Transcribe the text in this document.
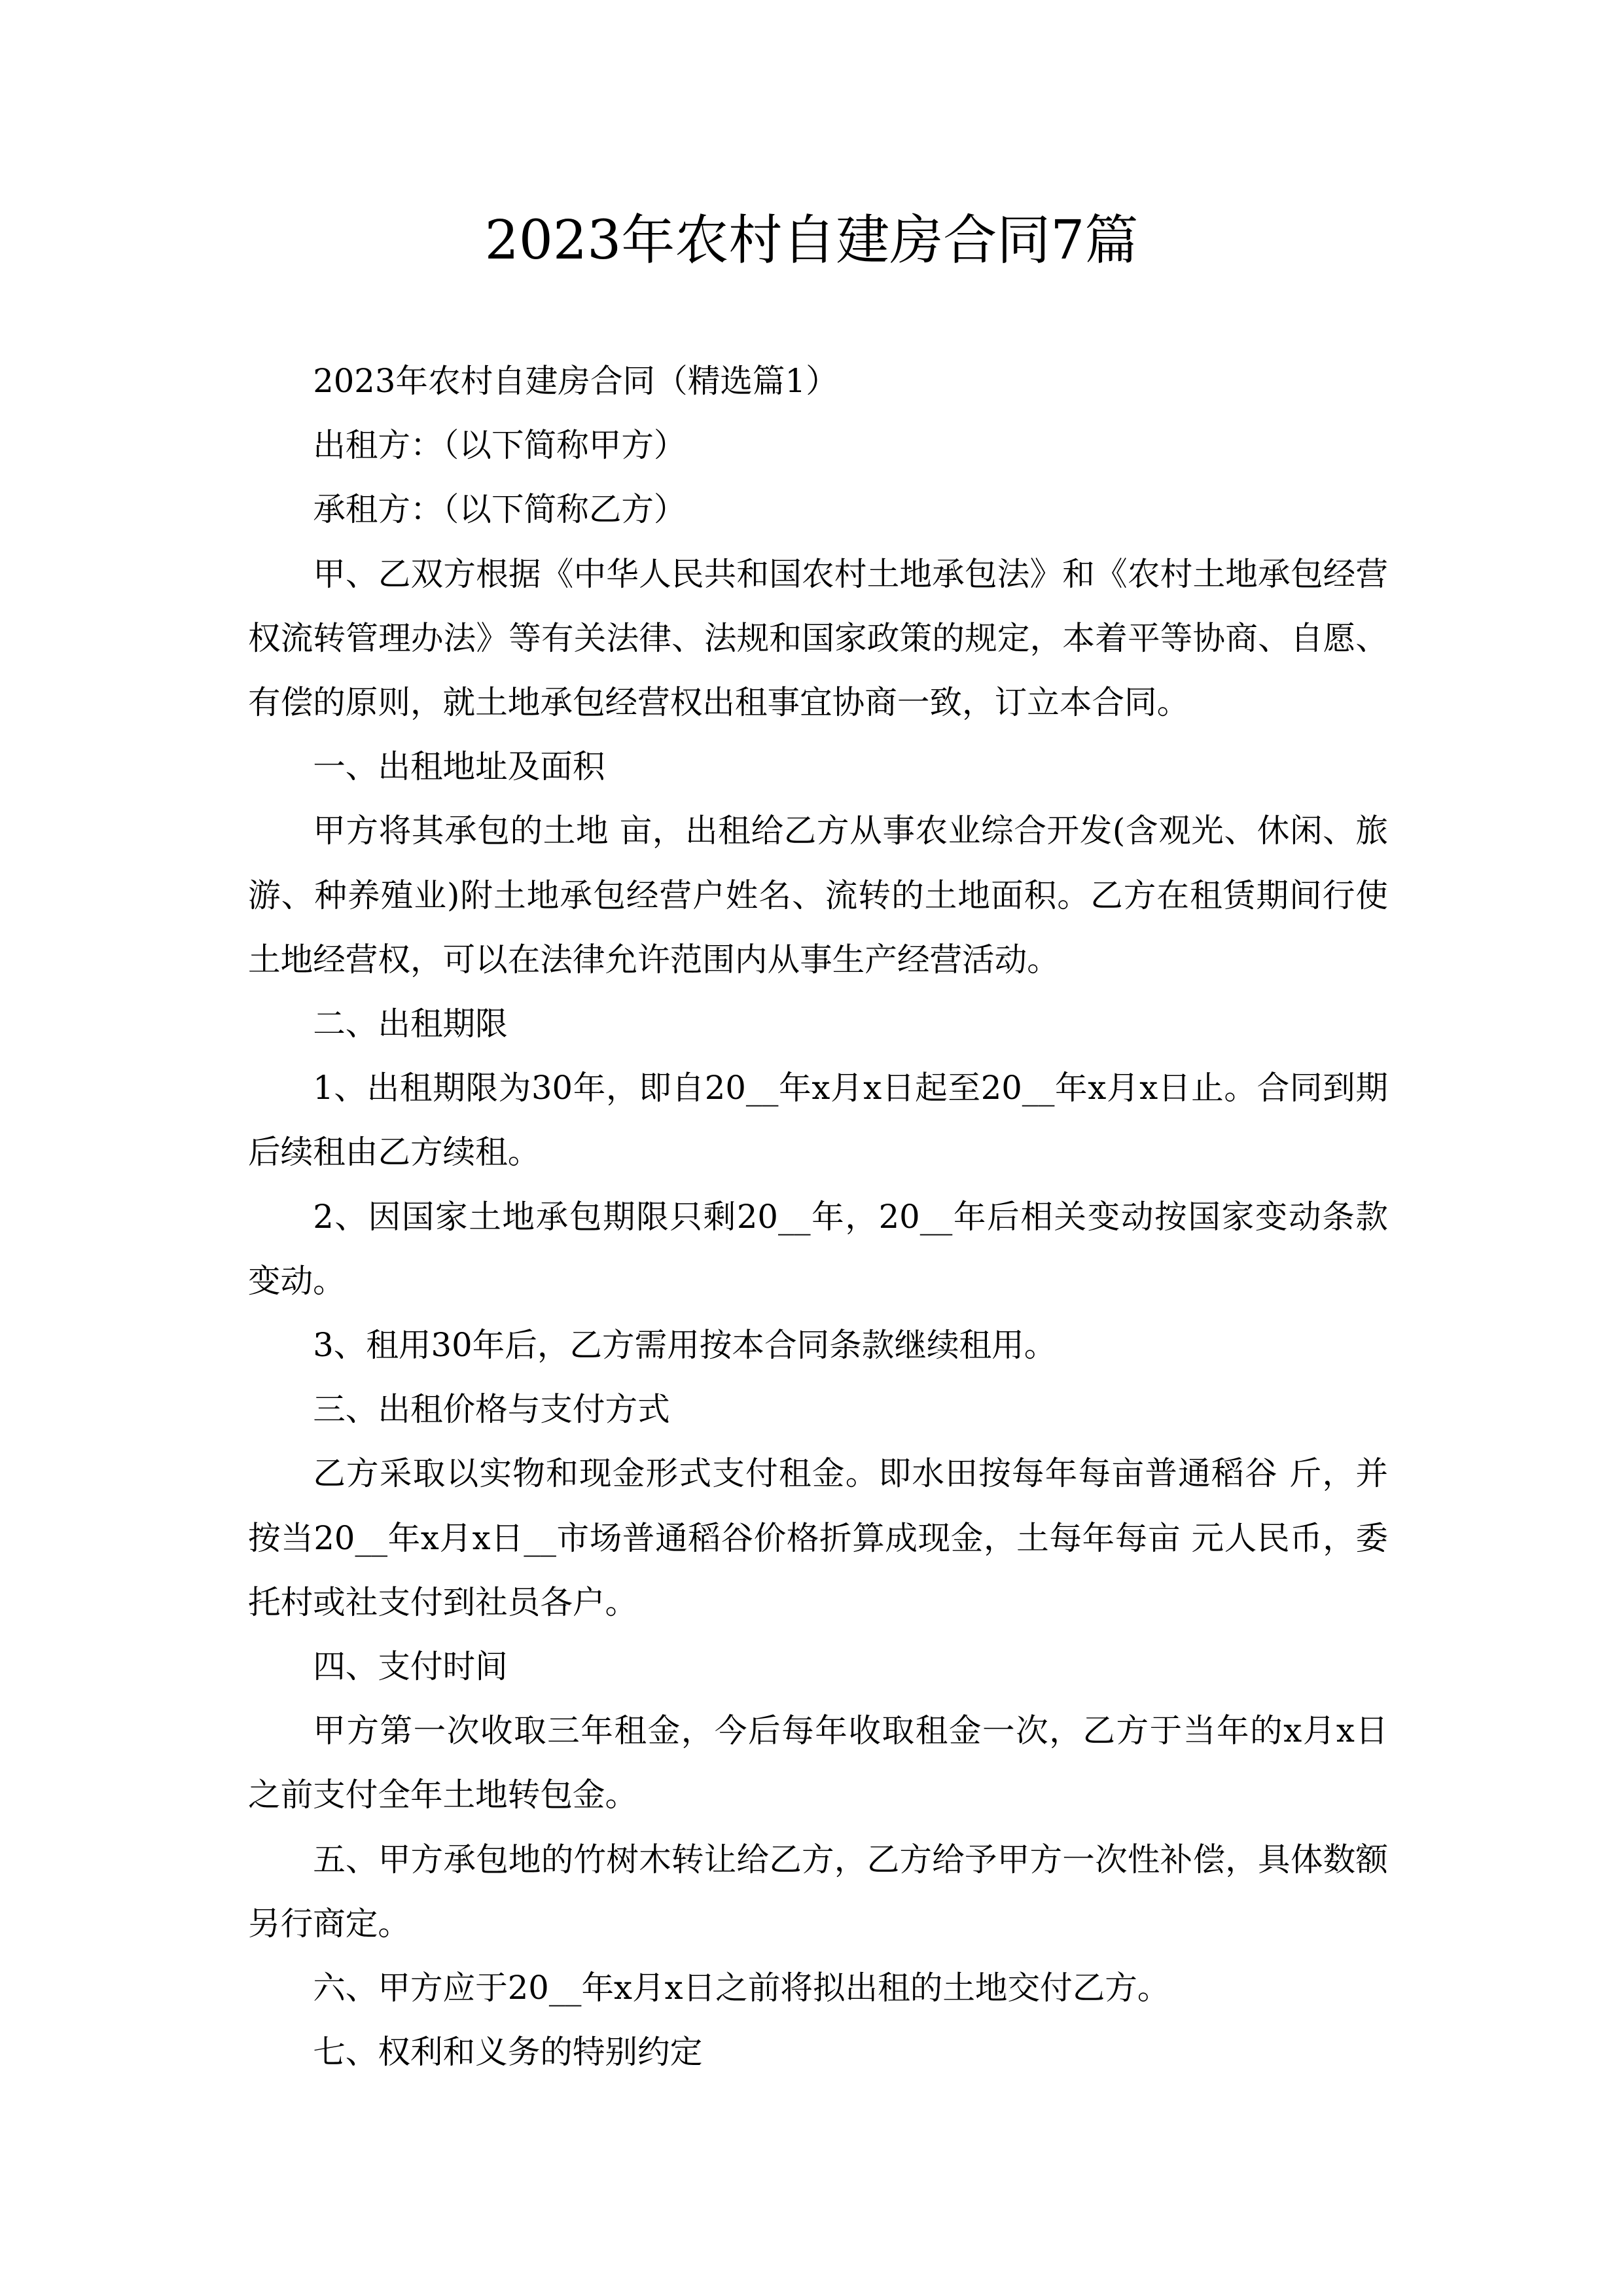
2023年农村自建房合同7篇

2023年农村自建房合同（精选篇1）

出租方：（以下简称甲方）

承租方：（以下简称乙方）

甲、乙双方根据《中华人民共和国农村土地承包法》和《农村土地承包经营权流转管理办法》等有关法律、法规和国家政策的规定，本着平等协商、自愿、有偿的原则，就土地承包经营权出租事宜协商一致，订立本合同。

一、出租地址及面积

甲方将其承包的土地 亩，出租给乙方从事农业综合开发(含观光、休闲、旅游、种养殖业)附土地承包经营户姓名、流转的土地面积。乙方在租赁期间行使土地经营权，可以在法律允许范围内从事生产经营活动。

二、出租期限

1、出租期限为30年，即自20__年x月x日起至20__年x月x日止。合同到期后续租由乙方续租。

2、因国家土地承包期限只剩20__年，20__年后相关变动按国家变动条款变动。

3、租用30年后，乙方需用按本合同条款继续租用。

三、出租价格与支付方式

乙方采取以实物和现金形式支付租金。即水田按每年每亩普通稻谷 斤，并按当20__年x月x日__市场普通稻谷价格折算成现金，土每年每亩 元人民币，委托村或社支付到社员各户。

四、支付时间

甲方第一次收取三年租金，今后每年收取租金一次，乙方于当年的x月x日之前支付全年土地转包金。

五、甲方承包地的竹树木转让给乙方，乙方给予甲方一次性补偿，具体数额另行商定。

六、甲方应于20__年x月x日之前将拟出租的土地交付乙方。

七、权利和义务的特别约定
